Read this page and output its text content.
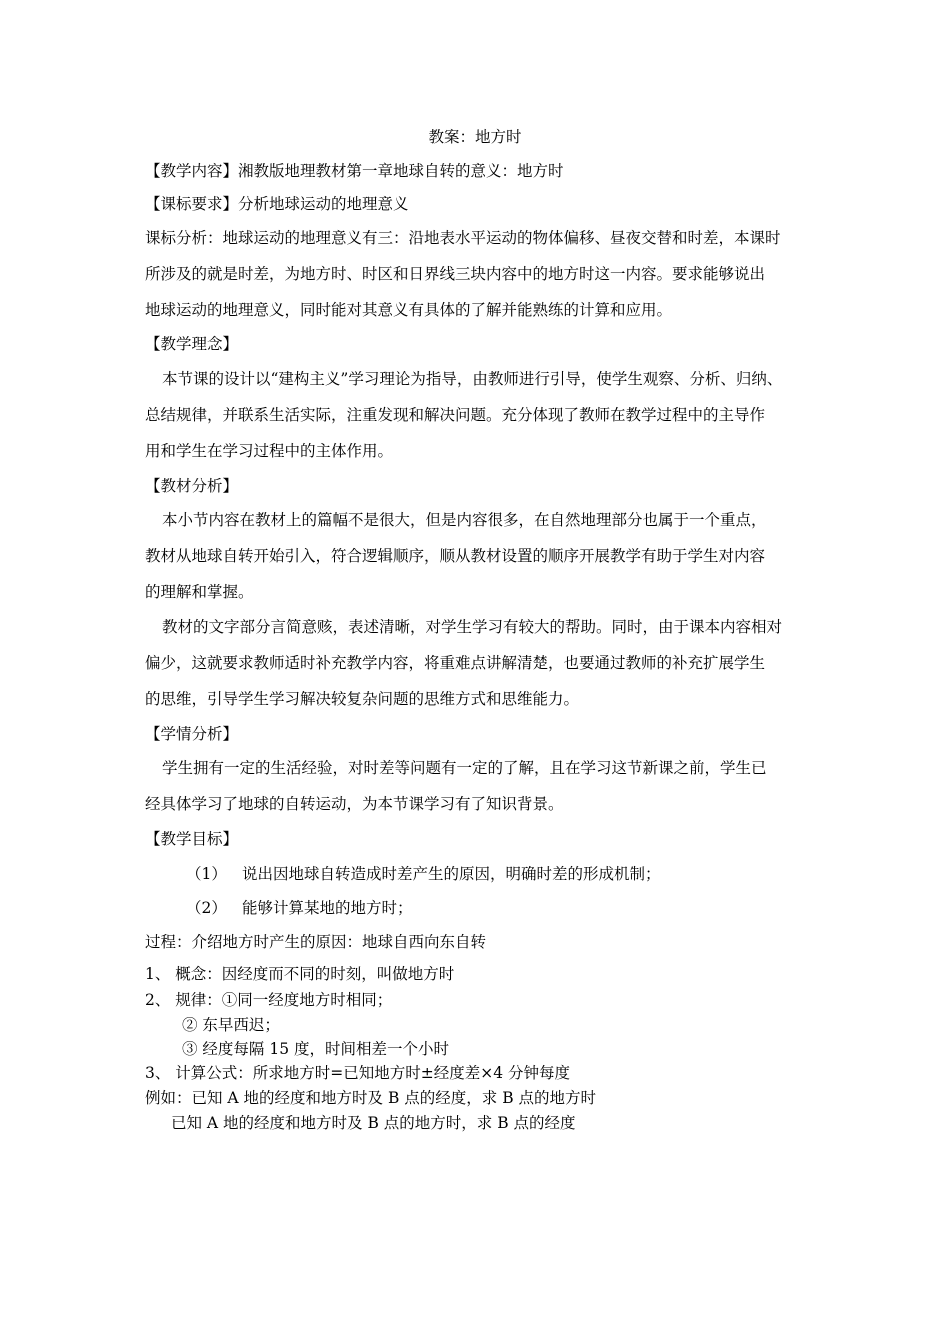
教案：地方时
【教学内容】湘教版地理教材第一章地球自转的意义：地方时
【课标要求】分析地球运动的地理意义
课标分析：地球运动的地理意义有三：沿地表水平运动的物体偏移、昼夜交替和时差，本课时
所涉及的就是时差，为地方时、时区和日界线三块内容中的地方时这一内容。要求能够说出
地球运动的地理意义，同时能对其意义有具体的了解并能熟练的计算和应用。
【教学理念】
本节课的设计以“建构主义”学习理论为指导，由教师进行引导，使学生观察、分析、归纳、
总结规律，并联系生活实际，注重发现和解决问题。充分体现了教师在教学过程中的主导作
用和学生在学习过程中的主体作用。
【教材分析】
本小节内容在教材上的篇幅不是很大，但是内容很多，在自然地理部分也属于一个重点，
教材从地球自转开始引入，符合逻辑顺序，顺从教材设置的顺序开展教学有助于学生对内容
的理解和掌握。
教材的文字部分言简意赅，表述清晰，对学生学习有较大的帮助。同时，由于课本内容相对
偏少，这就要求教师适时补充教学内容，将重难点讲解清楚，也要通过教师的补充扩展学生
的思维，引导学生学习解决较复杂问题的思维方式和思维能力。
【学情分析】
学生拥有一定的生活经验，对时差等问题有一定的了解，且在学习这节新课之前，学生已
经具体学习了地球的自转运动，为本节课学习有了知识背景。
【教学目标】
（1） 说出因地球自转造成时差产生的原因，明确时差的形成机制；
（2） 能够计算某地的地方时；
过程：介绍地方时产生的原因：地球自西向东自转
1、 概念：因经度而不同的时刻，叫做地方时
2、 规律：①同一经度地方时相同；
② 东早西迟；
③ 经度每隔 15 度，时间相差一个小时
3、 计算公式：所求地方时=已知地方时±经度差×4 分钟每度
例如：已知 A 地的经度和地方时及 B 点的经度，求 B 点的地方时
已知 A 地的经度和地方时及 B 点的地方时，求 B 点的经度
